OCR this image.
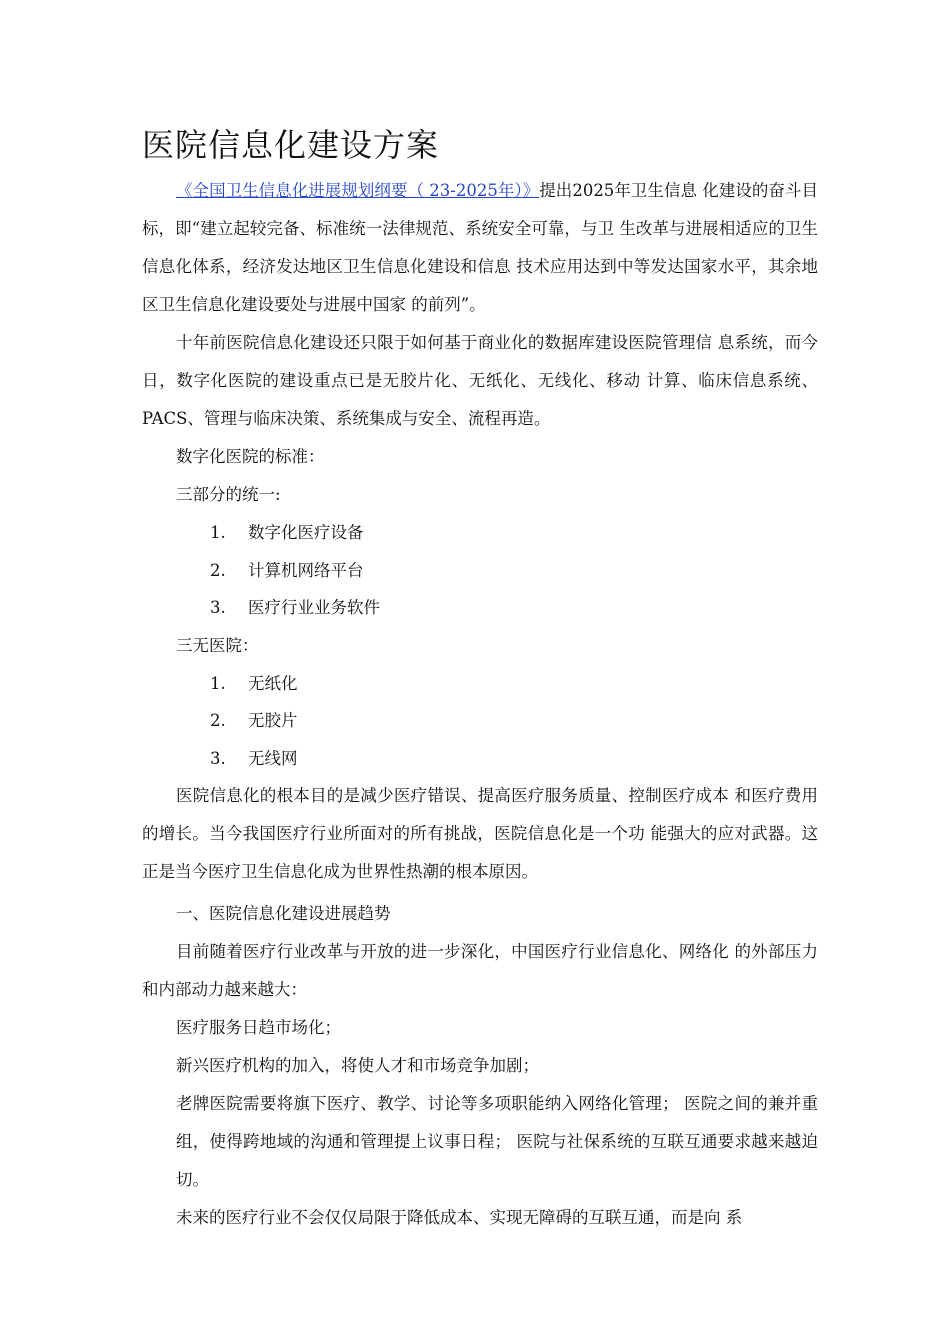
医院信息化建设方案

《全国卫生信息化进展规划纲要（ 23-2025年）》提出2025年卫生信息 化建设的奋斗目标，即“建立起较完备、标准统一法律规范、系统安全可靠，与卫 生改革与进展相适应的卫生信息化体系，经济发达地区卫生信息化建设和信息 技术应用达到中等发达国家水平，其余地区卫生信息化建设要处与进展中国家 的前列”。

十年前医院信息化建设还只限于如何基于商业化的数据库建设医院管理信 息系统，而今日，数字化医院的建设重点已是无胶片化、无纸化、无线化、移动 计算、临床信息系统、PACS、管理与临床决策、系统集成与安全、流程再造。

数字化医院的标准：

三部分的统一:

1. 数字化医疗设备
2. 计算机网络平台
3. 医疗行业业务软件

三无医院：

1. 无纸化
2. 无胶片
3. 无线网

医院信息化的根本目的是减少医疗错误、提高医疗服务质量、控制医疗成本 和医疗费用的增长。当今我国医疗行业所面对的所有挑战，医院信息化是一个功 能强大的应对武器。这正是当今医疗卫生信息化成为世界性热潮的根本原因。

一、医院信息化建设进展趋势

目前随着医疗行业改革与开放的进一步深化，中国医疗行业信息化、网络化 的外部压力和内部动力越来越大：

医疗服务日趋市场化；

新兴医疗机构的加入，将使人才和市场竞争加剧；

老牌医院需要将旗下医疗、教学、讨论等多项职能纳入网络化管理； 医院之间的兼并重组，使得跨地域的沟通和管理提上议事日程； 医院与社保系统的互联互通要求越来越迫切。

未来的医疗行业不会仅仅局限于降低成本、实现无障碍的互联互通，而是向 系
